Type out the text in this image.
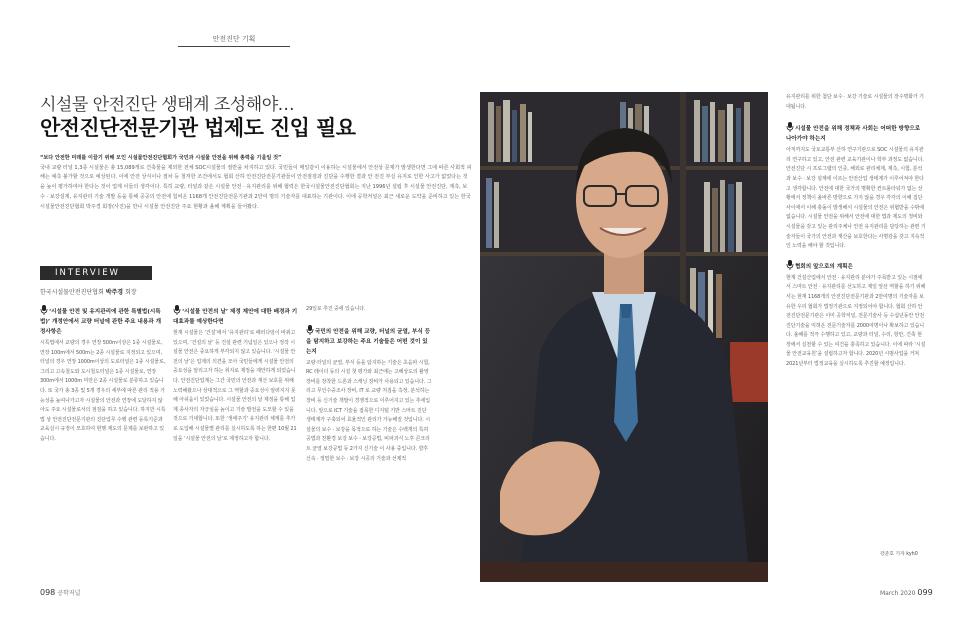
안전진단 기획
시설물 안전진단 생태계 조성해야…
안전진단전문기관 법제도 진입 필요
“보다 안전한 미래를 이끌기 위해 모인 시설물안전진단협회가 국민과 시설물 안전을 위해 총력을 기울일 것”
국내 교량 터널 1,3종 시설물은 총 15,089개로 건축물을 제외한 전체 SOC시설물의 절반을 차지하고 있다. 국민들이 매일같이 이용하는 시설물에서 안전상 문제가 발생한다면 그에 따른 사회적 피해는 예측 불가할 것으로 예상된다. 이에 안전 상식이나 절차 등 철저한 조건에서도 협회 산하 안전진단전문기관들이 안전점검과 진단을 수행한 결과 안 전진 부실 유지로 인한 사고가 없었다는 것을 높이 평가하여야 한다는 것이 업계 이들의 생각이다. 특히 교량, 터널과 같은 시설물 안전 · 유지관리를 위해 협력은 한국시설물안전진단협회는 지난 1996년 설립 후 시설물 안전진단, 계측, 보수 · 보강설계, 유지관리 기술 개발 등을 통해 공공의 안전에 힘써온 1168개 안전진단전문기관과 2만여 명의 기술자를 대표하는 기관이다. 이에 공학저널은 최근 새로운 도약을 준비하고 있는 한국시설물안전진단협회 박주경 회장(사진)을 만나 시설물 안전진단 주요 현황과 올해 계획을 들어봤다.
INTERVIEW
한국시설물안전진단협회 박주경 회장
‘시설물 안전 및 유지관리에 관한 특별법(시특법)’ 개정안에서 교량 터널에 관한 주요 내용과 개정사항은
시특법에서 교량의 경우 연장 500m이상은 1종 시설물로, 연장 100m에서 500m는 2종 시설물로 지정되고 있으며, 터널의 경우 연장 1000m이상의 도로터널은 1종 시설물로, 그리고 고속철도와 도시철도터널은 1종 시설물로, 연장 300m에서 1000m 미만은 2종 시설물로 분류하고 있습니다. 또 국가 총 3종 및 5개 경우의 세부에 따른 관리 적용 가능성을 높여나가고자 시설물의 안전과 연장에 도달하지 않아도 주요 시설물로서의 점검을 하고 있습니다. 하지만 시특법 상 안전진단전문기관의 진단업무 수행 관련 등록기준과 교육실시 규정이 모호하여 현행 제도의 문제를 보완하고 있습니다.
‘시설물 안전의 날’ 제정 제안에 대한 배경과 기대효과를 예상한다면
현재 시설물은 ‘건설’에서 ‘유지관리’로 패러다임이 바뀌고 있으며, ‘건설의 날’ 등 건설 관련 기념일은 있으나 정작 시설물 안전은 중요하게 부각되지 않고 있습니다. ‘시설물 안전의 날’은 업계의 의견을 모아 국민들에게 시설물 안전의 중요성을 알리고자 하는 취지로 제정을 제안하게 되었습니다. 안전진단업계는 그간 국민의 안전과 재산 보호를 위해 노력해왔으나 상대적으로 그 역할과 중요성이 알려지지 못해 아쉬움이 있었습니다. 시설물 안전의 날 제정을 통해 업계 종사자의 자긍심을 높이고 기술 발전을 도모할 수 있을 것으로 기대합니다. 또한 ‘생애주기’ 유지관리 체계를 추가로 도입해 시설물별 관리를 실시하도록 하는 한편 10월 21일을 ‘시설물 안전의 날’로 제정하고자 합니다.
29일로 추진 중에 있습니다.
국민의 안전을 위해 교량, 터널의 균열, 부식 등을 탐지하고 보강하는 주요 기술들은 어떤 것이 있는지
교량·터널의 균열, 부식 등을 탐지하는 기술은 초음파 시험, RC 레이더 등의 시설 첫 평가와 최근에는 고해상도의 촬영 장비를 장착한 드론과 스캐닝 장비가 사용되고 있습니다. 그리고 무인수중조사 장비, IT 로 교량 처짐을 측정, 분석하는 장비 등 신기술 개발이 경쟁적으로 이루어지고 있는 추세입니다. 앞으로 ICT 기술을 접목한 디지털 기반 스마트 진단 생태계가 구축되어 효율적인 관리가 가능해질 것입니다. 시설물의 보수 · 보강을 목적으로 하는 기술은 수백개의 특허공법과 친환경 보강 보수 · 보강공법, 비파괴식 노후 콘크리트 균열 보강공법 등 2가지 신기술 이 사용 중입니다. 향후 신속 · 정밀한 보수 · 보강 시공의 기술과 선제적
유지관리를 위한 첨단 보수 · 보강 기술로 시설물의 장수명화가 기대됩니다.
시설물 안전을 위해 정책과 사회는 어떠한 방향으로 나아가야 하는지
아직까지도 국토교통부 산하 연구기관으로 SOC 시설물의 유지관리 연구하고 있고, 안전 관련 교육기관이나 학부 과정도 없습니다. 안전진단 시 프로그램의 인증, 해외로 관리체계, 계측, 시험, 분석과 보수 · 보강 설계에 이르는 안전산업 생태계가 이루어져야 한다고 생각합니다. 안전에 대한 국가의 명확한 컨트롤타워가 없는 상황에서 정책이 올바른 방향으로 가지 않을 경우 각각의 이해 집단 사이에서 이해 충돌이 발생해서 시설물의 안전은 위협받을 수밖에 없습니다. 시설물 안전을 위해서 안전에 대한 법과 제도의 정비와 시설물을 갖고 있는 관리주체나 안전 유지관리를 담당하는 관련 기술자들이 국가의 안전과 재산을 보호한다는 사명감을 갖고 지속적인 노력을 해야 할 것입니다.
협회의 앞으로의 계획은
현재 건설산업에서 안전 · 유지관리 분야가 주목받고 있는 시점에서 스마트 안전 · 유지관리를 선도하고 제일 앞선 역할을 하기 위해서는 현재 1168개의 안전진단전문기관과 2만여명의 기술자를 보유한 우리 협회가 법정기관으로 지정되어야 합니다. 협회 산하 안전진단전문기관은 이미 공학저널, 전문기술사 등 수십년동안 안전진단기술을 익혀온 전문기술자를 2000여명이나 확보하고 있습니다. 올해를 적극 수행하고 있고, 교량과 터널, 수리, 항만, 건축 현장에서 실천할 수 있는 여건을 충족하고 있습니다. 이에 따라 ‘시설물 안전교육원’을 설립하고자 합니다. 2020년 시범사업을 거쳐 2021년부터 법정교육을 실시하도록 추진할 예정입니다.
강준호 기자 kyh0
098 공학저널	March 2020 099
